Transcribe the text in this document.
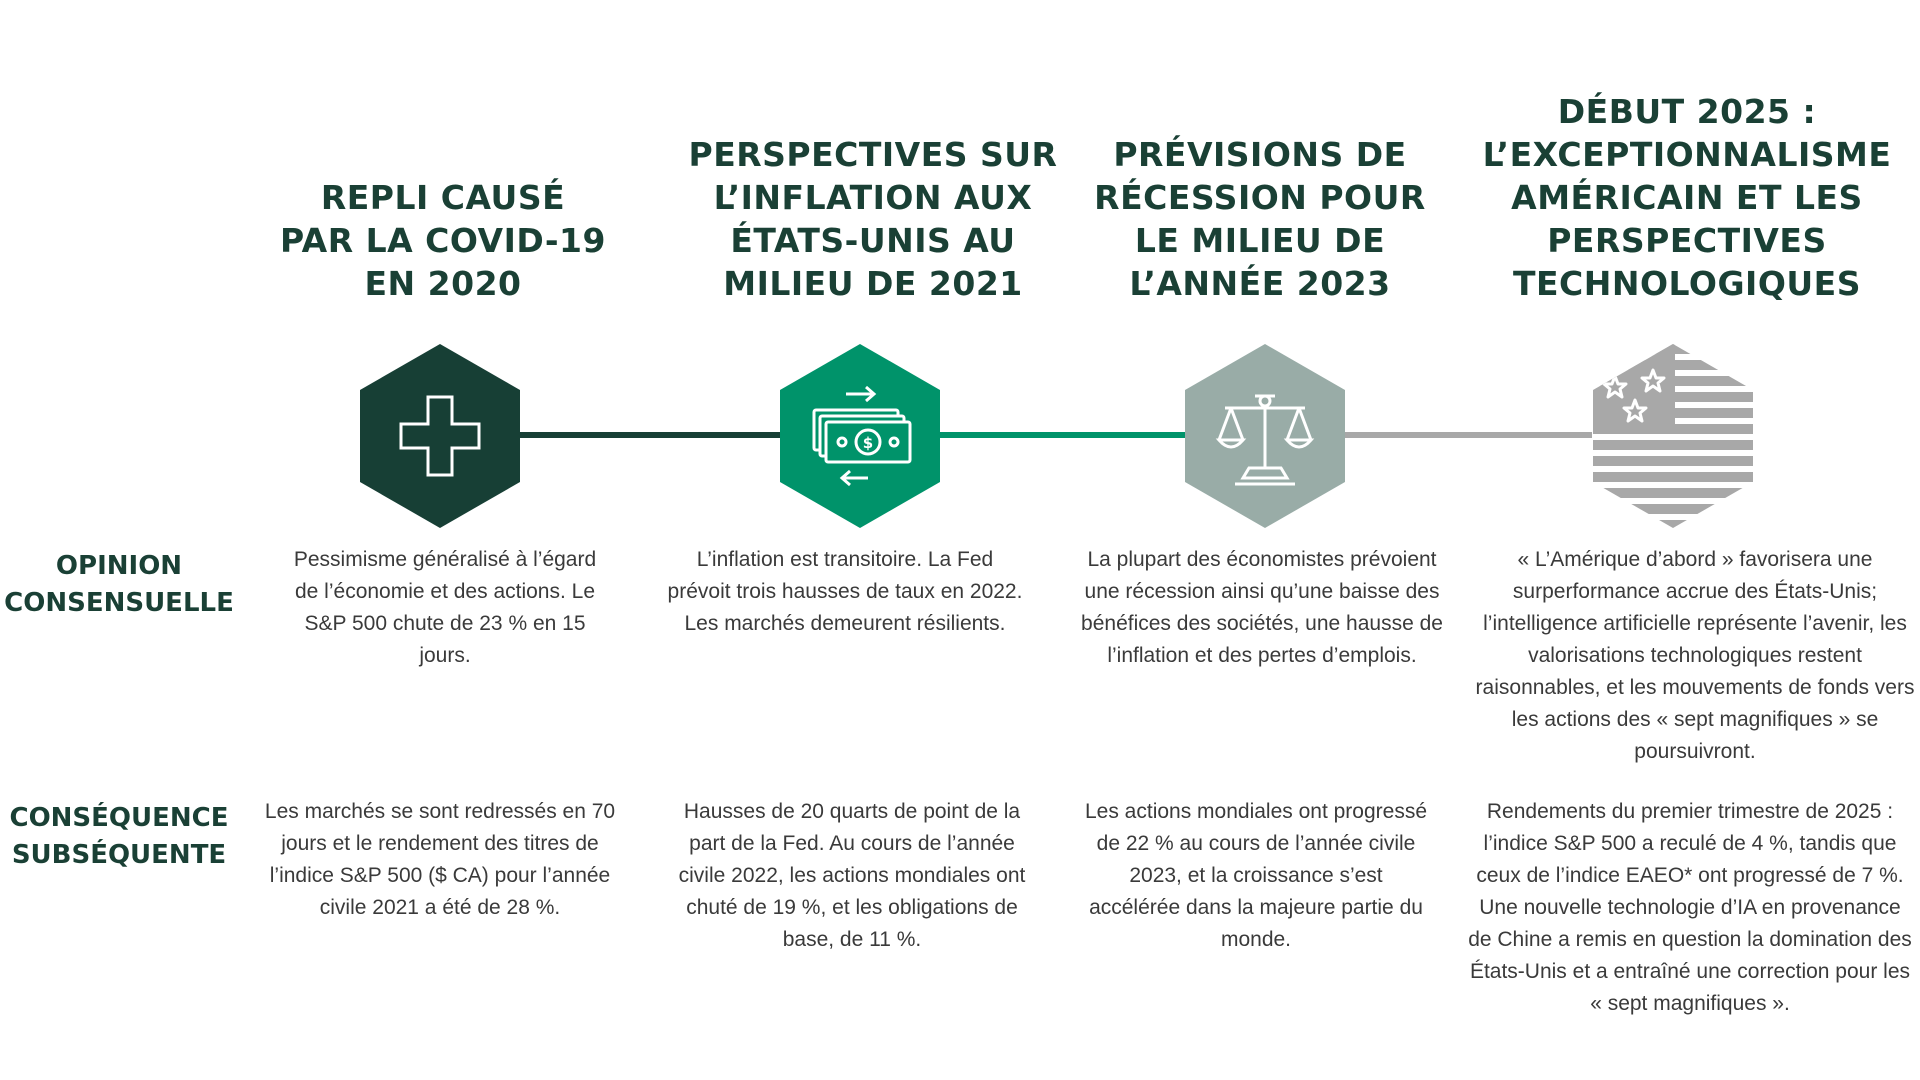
REPLI CAUSÉ
PAR LA COVID-19
EN 2020
PERSPECTIVES SUR
L’INFLATION AUX
ÉTATS-UNIS AU
MILIEU DE 2021
PRÉVISIONS DE
RÉCESSION POUR
LE MILIEU DE
L’ANNÉE 2023
DÉBUT 2025 :
L’EXCEPTIONNALISME
AMÉRICAIN ET LES
PERSPECTIVES
TECHNOLOGIQUES
$
OPINION
CONSENSUELLE
CONSÉQUENCE
SUBSÉQUENTE
Pessimisme généralisé à l’égard de l’économie et des actions. Le S&P 500 chute de 23 % en 15 jours.
L’inflation est transitoire. La Fed prévoit trois hausses de taux en 2022. Les marchés demeurent résilients.
La plupart des économistes prévoient une récession ainsi qu’une baisse des bénéfices des sociétés, une hausse de l’inflation et des pertes d’emplois.
« L’Amérique d’abord » favorisera une surperformance accrue des États-Unis; l’intelligence artificielle représente l’avenir, les valorisations technologiques restent raisonnables, et les mouvements de fonds vers les actions des « sept magnifiques » se poursuivront.
Les marchés se sont redressés en 70 jours et le rendement des titres de l’indice S&P 500 ($ CA) pour l’année civile 2021 a été de 28 %.
Hausses de 20 quarts de point de la part de la Fed. Au cours de l’année civile 2022, les actions mondiales ont chuté de 19 %, et les obligations de base, de 11 %.
Les actions mondiales ont progressé de 22 % au cours de l’année civile 2023, et la croissance s’est accélérée dans la majeure partie du monde.
Rendements du premier trimestre de 2025 : l’indice S&P 500 a reculé de 4 %, tandis que ceux de l’indice EAEO* ont progressé de 7 %. Une nouvelle technologie d’IA en provenance de Chine a remis en question la domination des États-Unis et a entraîné une correction pour les « sept magnifiques ».
